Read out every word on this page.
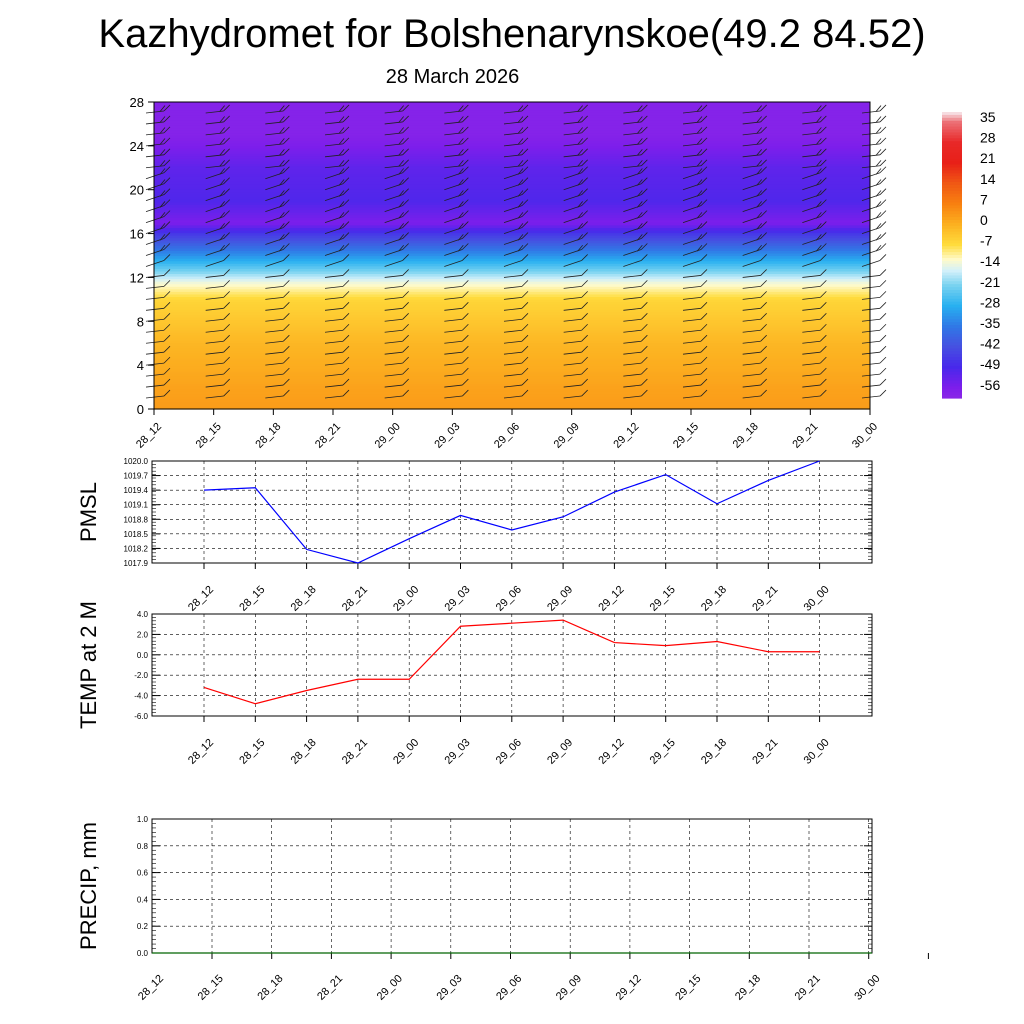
Kazhydromet for Bolshenarynskoe(49.2 84.52)
28 March 2026
0
4
8
12
16
20
24
28
28_12	28_15	28_18	28_21	29_00	29_03	29_06	29_09	29_12	29_15	29_18	29_21	30_00
35
28
21
14
7
0
-7
-14
-21
-28
-35
-42
-49
-56
1017.9
1018.2
1018.5
1018.8
1019.1
1019.4
1019.7
1020.0
28_12 28_15 28_18 28_21 29_00 29_03 29_06 29_09 29_12 29_15 29_18 29_21 30_00
PMSL
-6.0
-4.0
-2.0
0.0
2.0
4.0
28_12 28_15 28_18 28_21 29_00 29_03 29_06 29_09 29_12 29_15 29_18 29_21 30_00
TEMP at 2 M
0.0
0.2
0.4
0.6
0.8
1.0
28_12	28_15	28_18	28_21	29_00	29_03	29_06	29_09	29_12	29_15	29_18	29_21	30_00
PRECIP, mm
